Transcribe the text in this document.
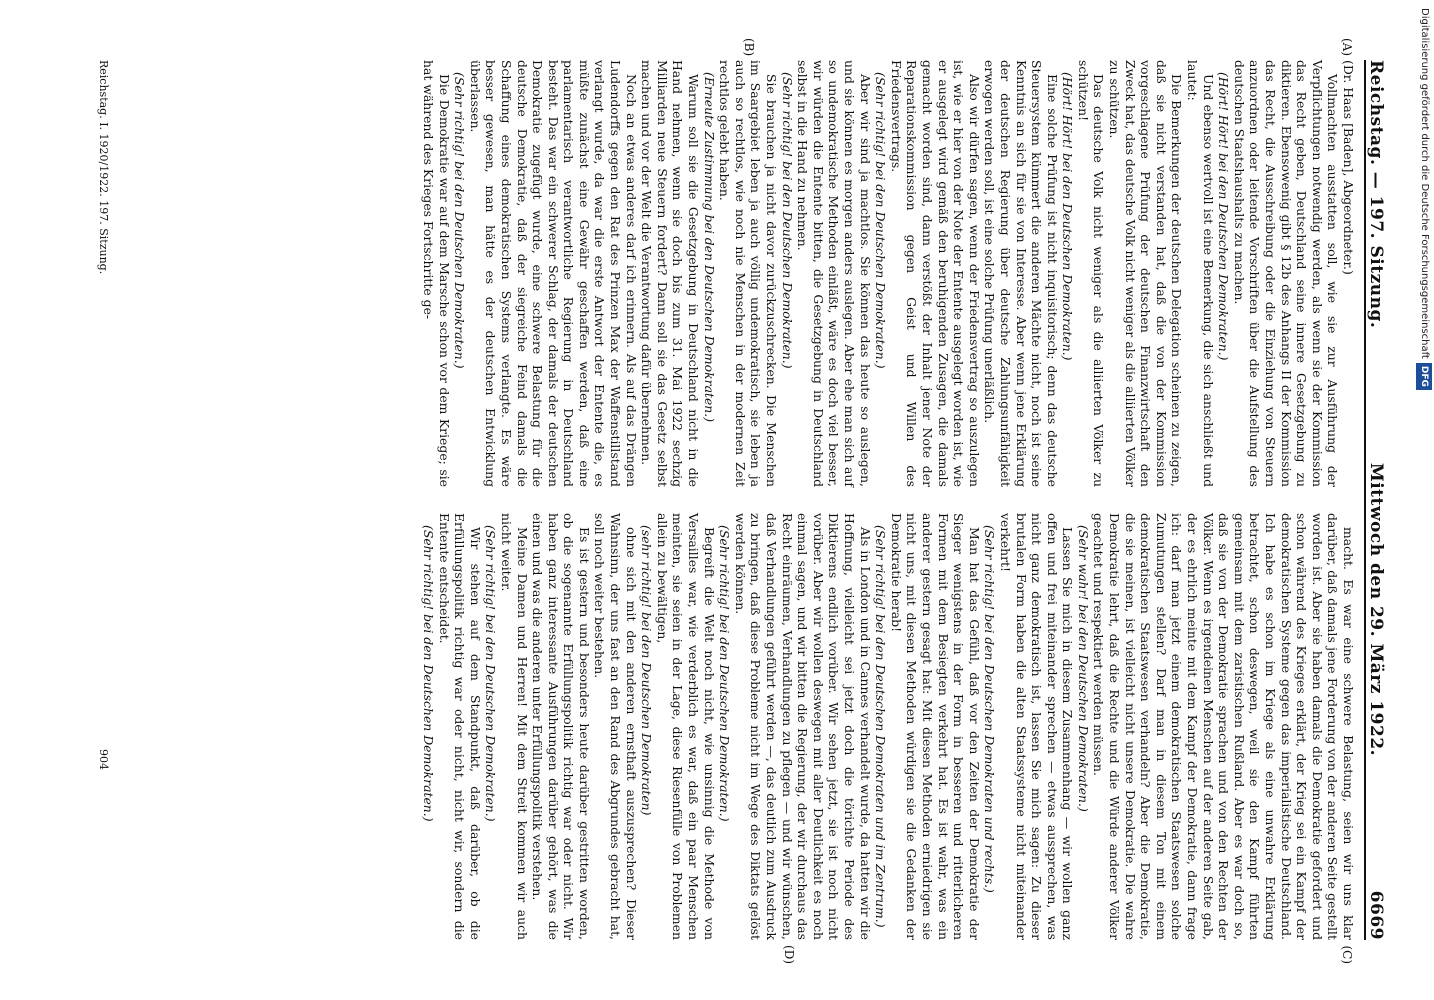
Reichstag. — 197. Sitzung.
Mittwoch den 29. März 1922.
6669
(A)
(B)

(Dr. Haas [Baden], Abgeordneter.)

Vollmachten ausstatten soll, wie sie zur Ausführung der Verpflichtungen notwendig werden, als wenn sie der Kommission das Recht geben, Deutschland seine innere Gesetzgebung zu diktieren. Ebensowenig gibt § 12b des Anhangs II der Kommission das Recht, die Ausschreibung oder die Einziehung von Steuern anzuordnen oder leitende Vorschriften über die Aufstellung des deutschen Staatshaushalts zu machen.

(Hört! Hört! bei den Deutschen Demokraten.)

Und ebenso wertvoll ist eine Bemerkung, die sich anschließt und lautet:

Die Bemerkungen der deutschen Delegation scheinen zu zeigen, daß sie nicht verstanden hat, daß die von der Kommission vorgeschlagene Prüfung der deutschen Finanzwirtschaft den Zweck hat, das deutsche Volk nicht weniger als die alliierten Völker zu schützen.

Das deutsche Volk nicht weniger als die alliierten Völker zu schützen!

(Hört! Hört! bei den Deutschen Demokraten.)

Eine solche Prüfung ist nicht inquisitorisch; denn das deutsche Steuersystem kümmert die anderen Mächte nicht, noch ist seine Kenntnis an sich für sie von Interesse. Aber wenn jene Erklärung der deutschen Regierung über deutsche Zahlungsunfähigkeit erwogen werden soll, ist eine solche Prüfung unerläßlich.

Also wir dürfen sagen, wenn der Friedensvertrag so auszulegen ist, wie er hier von der Note der Entente ausgelegt worden ist, wie er ausgelegt wird gemäß den beruhigenden Zusagen, die damals gemacht worden sind, dann verstößt der Inhalt jener Note der Reparationskommission gegen Geist und Willen des Friedensvertrags.

(Sehr richtig! bei den Deutschen Demokraten.)

Aber wir sind ja machtlos. Sie können das heute so auslegen, und sie können es morgen anders auslegen. Aber ehe man sich auf so undemokratische Methoden einläßt, wäre es doch viel besser, wir würden die Entente bitten, die Gesetzgebung in Deutschland selbst in die Hand zu nehmen.

(Sehr richtig! bei den Deutschen Demokraten.)

Sie brauchen ja nicht davor zurückzuschrecken. Die Menschen im Saargebiet leben ja auch völlig undemokratisch, sie leben ja auch so rechtlos, wie noch nie Menschen in der modernen Zeit rechtlos gelebt haben.

(Erneute Zustimmung bei den Deutschen Demokraten.)

Warum soll sie die Gesetzgebung in Deutschland nicht in die Hand nehmen, wenn sie doch bis zum 31. Mai 1922 sechzig Milliarden neue Steuern fordert? Dann soll sie das Gesetz selbst machen und vor der Welt die Verantwortung dafür übernehmen.

Noch an etwas anderes darf ich erinnern. Als auf das Drängen Ludendorffs gegen den Rat des Prinzen Max der Waffenstillstand verlangt wurde, da war die erste Antwort der Entente die, es müßte zunächst eine Gewähr geschaffen werden, daß eine parlamentarisch verantwortliche Regierung in Deutschland besteht. Das war ein schwerer Schlag, der damals der deutschen Demokratie zugefügt wurde, eine schwere Belastung für die deutsche Demokratie, daß der siegreiche Feind damals die Schaffung eines demokratischen Systems verlangte. Es wäre besser gewesen, man hätte es der deutschen Entwicklung überlassen.

(Sehr richtig! bei den Deutschen Demokraten.)

Die Demokratie war auf dem Marsche schon vor dem Kriege; sie hat während des Krieges Fortschritte ge-

(C)
(D)

macht. Es war eine schwere Belastung, seien wir uns klar darüber, daß damals jene Forderung von der anderen Seite gestellt worden ist. Aber sie haben damals die Demokratie gefordert und schon während des Krieges erklärt, der Krieg sei ein Kampf der demokratischen Systeme gegen das imperialistische Deutschland. Ich habe es schon im Kriege als eine unwahre Erklärung betrachtet, schon deswegen, weil sie den Kampf führten gemeinsam mit dem zaristischen Rußland. Aber es war doch so, daß sie von der Demokratie sprachen und von den Rechten der Völker. Wenn es irgendeinen Menschen auf der anderen Seite gab, der es ehrlich meinte mit dem Kampf der Demokratie, dann frage ich: darf man jetzt einem demokratischen Staatswesen solche Zumutungen stellen? Darf man in diesem Ton mit einem demokratischen Staatswesen verhandeln? Aber die Demokratie, die sie meinen, ist vielleicht nicht unsere Demokratie. Die wahre Demokratie lehrt, daß die Rechte und die Würde anderer Völker geachtet und respektiert werden müssen.

(Sehr wahr! bei den Deutschen Demokraten.)

Lassen Sie mich in diesem Zusammenhang — wir wollen ganz offen und frei miteinander sprechen — etwas aussprechen, was nicht ganz demokratisch ist, lassen Sie mich sagen: Zu dieser brutalen Form haben die alten Staatssysteme nicht miteinander verkehrt!

(Sehr richtig! bei den Deutschen Demokraten und rechts.)

Man hat das Gefühl, daß vor den Zeiten der Demokratie der Sieger wenigstens in der Form in besseren und ritterlicheren Formen mit dem Besiegten verkehrt hat. Es ist wahr, was ein anderer gestern gesagt hat: Mit diesen Methoden erniedrigen sie nicht uns, mit diesen Methoden würdigen sie die Gedanken der Demokratie herab!

(Sehr richtig! bei den Deutschen Demokraten und im Zentrum.)

Als in London und in Cannes verhandelt wurde, da hatten wir die Hoffnung, vielleicht sei jetzt doch die törichte Periode des Diktierens endlich vorüber. Wir sehen jetzt, sie ist noch nicht vorüber. Aber wir wollen deswegen mit aller Deutlichkeit es noch einmal sagen, und wir bitten die Regierung, der wir durchaus das Recht einräumen, Verhandlungen zu pflegen — und wir wünschen, daß Verhandlungen geführt werden —, das deutlich zum Ausdruck zu bringen, daß diese Probleme nicht im Wege des Diktats gelöst werden können.

(Sehr richtig! bei den Deutschen Demokraten.)

Begreift die Welt noch nicht, wie unsinnig die Methode von Versailles war, wie verderblich es war, daß ein paar Menschen meinten, sie seien in der Lage, diese Riesenfülle von Problemen allein zu bewältigen,

(sehr richtig! bei den Deutschen Demokraten)

ohne sich mit den anderen ernsthaft auszusprechen? Dieser Wahnsinn, der uns fast an den Rand des Abgrundes gebracht hat, soll noch weiter bestehen.

Es ist gestern und besonders heute darüber gestritten worden, ob die sogenannte Erfüllungspolitik richtig war oder nicht. Wir haben ganz interessante Ausführungen darüber gehört, was die einen und was die anderen unter Erfüllungspolitik verstehen.

Meine Damen und Herren! Mit dem Streit kommen wir auch nicht weiter.

(Sehr richtig! bei den Deutschen Demokraten.)

Wir stehen auf dem Standpunkt, daß darüber, ob die Erfüllungspolitik richtig war oder nicht, nicht wir, sondern die Entente entscheidet.

(Sehr richtig! bei den Deutschen Demokraten.)

Reichstag. I. 1920/1922. 197. Sitzung.
904
Digitalisierung gefördert durch die Deutsche ForschungsgemeinschaftDFG
